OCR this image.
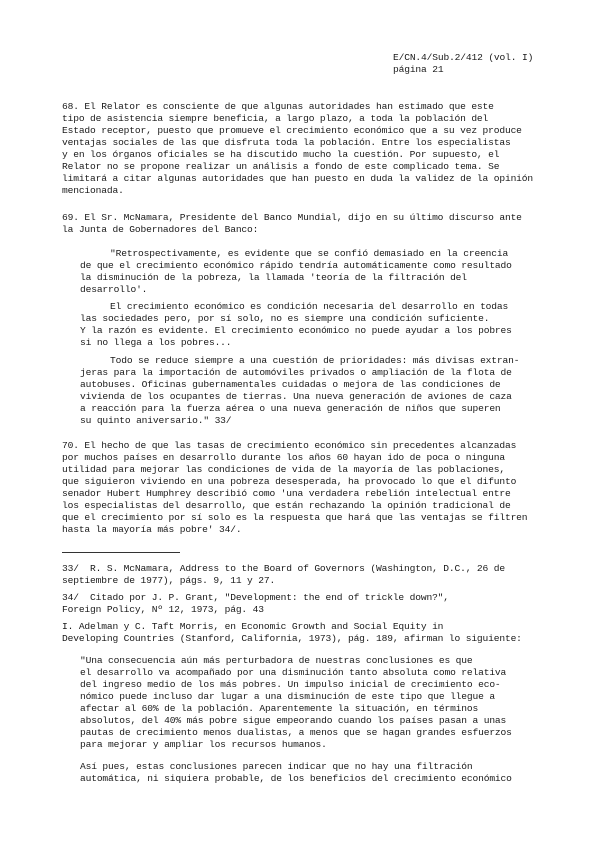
E/CN.4/Sub.2/412 (vol. I)
página 21
68. El Relator es consciente de que algunas autoridades han estimado que este
tipo de asistencia siempre beneficia, a largo plazo, a toda la población del
Estado receptor, puesto que promueve el crecimiento económico que a su vez produce
ventajas sociales de las que disfruta toda la población. Entre los especialistas
y en los órganos oficiales se ha discutido mucho la cuestión. Por supuesto, el
Relator no se propone realizar un análisis a fondo de este complicado tema. Se
limitará a citar algunas autoridades que han puesto en duda la validez de la opinión
mencionada.
69. El Sr. McNamara, Presidente del Banco Mundial, dijo en su último discurso ante
la Junta de Gobernadores del Banco:
"Retrospectivamente, es evidente que se confió demasiado en la creencia
de que el crecimiento económico rápido tendría automáticamente como resultado
la disminución de la pobreza, la llamada 'teoría de la filtración del
desarrollo'.
El crecimiento económico es condición necesaria del desarrollo en todas
las sociedades pero, por sí solo, no es siempre una condición suficiente.
Y la razón es evidente. El crecimiento económico no puede ayudar a los pobres
si no llega a los pobres...
Todo se reduce siempre a una cuestión de prioridades: más divisas extran-
jeras para la importación de automóviles privados o ampliación de la flota de
autobuses. Oficinas gubernamentales cuidadas o mejora de las condiciones de
vivienda de los ocupantes de tierras. Una nueva generación de aviones de caza
a reacción para la fuerza aérea o una nueva generación de niños que superen
su quinto aniversario." 33/
70. El hecho de que las tasas de crecimiento económico sin precedentes alcanzadas
por muchos países en desarrollo durante los años 60 hayan ido de poca o ninguna
utilidad para mejorar las condiciones de vida de la mayoría de las poblaciones,
que siguieron viviendo en una pobreza desesperada, ha provocado lo que el difunto
senador Hubert Humphrey describió como 'una verdadera rebelión intelectual entre
los especialistas del desarrollo, que están rechazando la opinión tradicional de
que el crecimiento por sí solo es la respuesta que hará que las ventajas se filtren
hasta la mayoría más pobre' 34/.
33/  R. S. McNamara, Address to the Board of Governors (Washington, D.C., 26 de
septiembre de 1977), págs. 9, 11 y 27.
34/  Citado por J. P. Grant, "Development: the end of trickle down?",
Foreign Policy, Nº 12, 1973, pág. 43
I. Adelman y C. Taft Morris, en Economic Growth and Social Equity in
Developing Countries (Stanford, California, 1973), pág. 189, afirman lo siguiente:
"Una consecuencia aún más perturbadora de nuestras conclusiones es que
el desarrollo va acompañado por una disminución tanto absoluta como relativa
del ingreso medio de los más pobres. Un impulso inicial de crecimiento eco-
nómico puede incluso dar lugar a una disminución de este tipo que llegue a
afectar al 60% de la población. Aparentemente la situación, en términos
absolutos, del 40% más pobre sigue empeorando cuando los países pasan a unas
pautas de crecimiento menos dualistas, a menos que se hagan grandes esfuerzos
para mejorar y ampliar los recursos humanos.
Así pues, estas conclusiones parecen indicar que no hay una filtración
automática, ni siquiera probable, de los beneficios del crecimiento económico
